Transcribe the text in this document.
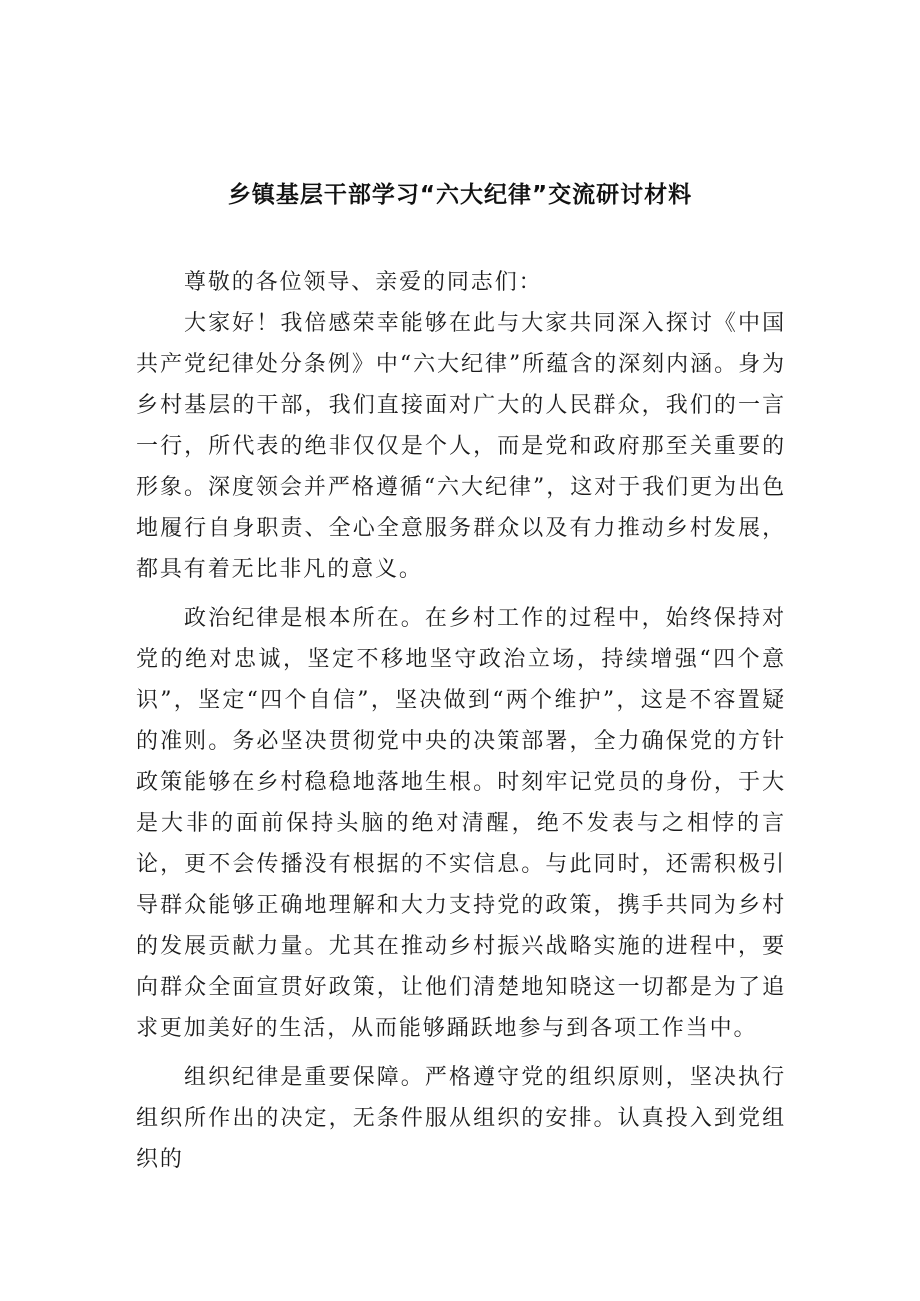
乡镇基层干部学习“六大纪律”交流研讨材料

尊敬的各位领导、亲爱的同志们：

大家好！我倍感荣幸能够在此与大家共同深入探讨《中国共产党纪律处分条例》中“六大纪律”所蕴含的深刻内涵。身为乡村基层的干部，我们直接面对广大的人民群众，我们的一言一行，所代表的绝非仅仅是个人，而是党和政府那至关重要的形象。深度领会并严格遵循“六大纪律”，这对于我们更为出色地履行自身职责、全心全意服务群众以及有力推动乡村发展，都具有着无比非凡的意义。

政治纪律是根本所在。在乡村工作的过程中，始终保持对党的绝对忠诚，坚定不移地坚守政治立场，持续增强“四个意识”，坚定“四个自信”，坚决做到“两个维护”，这是不容置疑的准则。务必坚决贯彻党中央的决策部署，全力确保党的方针政策能够在乡村稳稳地落地生根。时刻牢记党员的身份，于大是大非的面前保持头脑的绝对清醒，绝不发表与之相悖的言论，更不会传播没有根据的不实信息。与此同时，还需积极引导群众能够正确地理解和大力支持党的政策，携手共同为乡村的发展贡献力量。尤其在推动乡村振兴战略实施的进程中，要向群众全面宣贯好政策，让他们清楚地知晓这一切都是为了追求更加美好的生活，从而能够踊跃地参与到各项工作当中。

组织纪律是重要保障。严格遵守党的组织原则，坚决执行组织所作出的决定，无条件服从组织的安排。认真投入到党组织的
